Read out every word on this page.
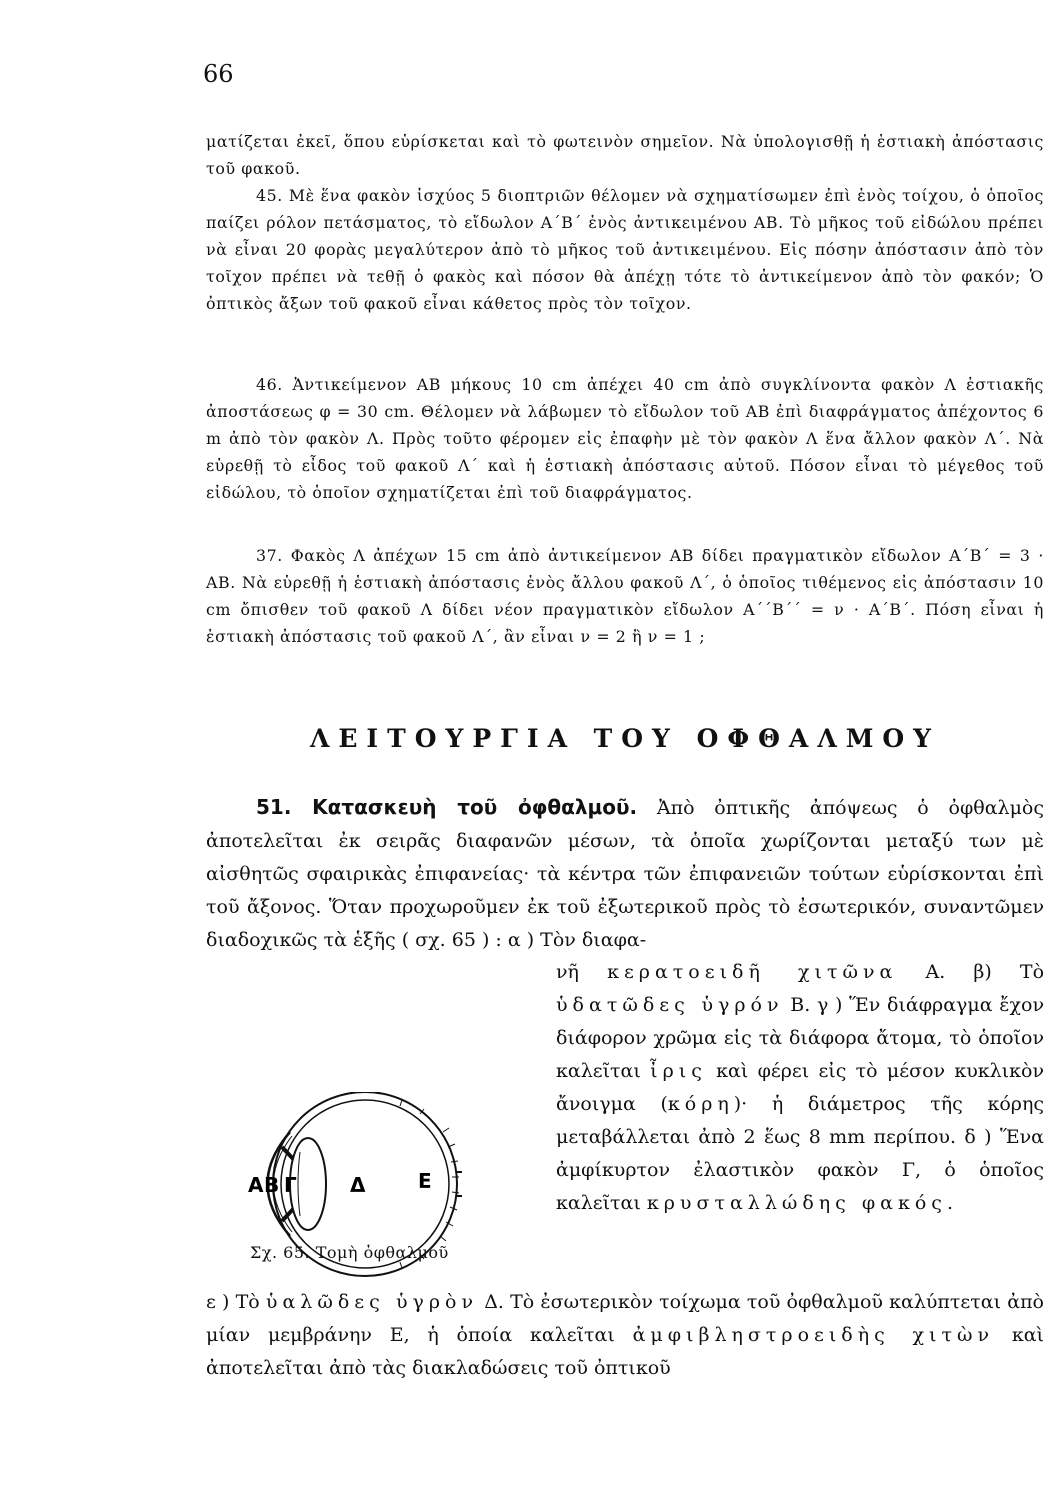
66

ματίζεται ἐκεῖ, ὅπου εὑρίσκεται καὶ τὸ φωτεινὸν σημεῖον. Νὰ ὑπολογισθῇ ἡ ἑστιακὴ ἀπόστασις τοῦ φακοῦ.

45. Μὲ ἕνα φακὸν ἰσχύος 5 διοπτριῶν θέλομεν νὰ σχηματίσωμεν ἐπὶ ἑνὸς τοίχου, ὁ ὁποῖος παίζει ρόλον πετάσματος, τὸ εἴδωλον Α΄Β΄ ἑνὸς ἀντικειμένου ΑΒ. Τὸ μῆκος τοῦ εἰδώλου πρέπει νὰ εἶναι 20 φορὰς μεγαλύτερον ἀπὸ τὸ μῆκος τοῦ ἀντικειμένου. Εἰς πόσην ἀπόστασιν ἀπὸ τὸν τοῖχον πρέπει νὰ τεθῇ ὁ φακὸς καὶ πόσον θὰ ἀπέχῃ τότε τὸ ἀντικείμενον ἀπὸ τὸν φακόν; Ὁ ὀπτικὸς ἄξων τοῦ φακοῦ εἶναι κάθετος πρὸς τὸν τοῖχον.

46. Ἀντικείμενον ΑΒ μήκους 10 cm ἀπέχει 40 cm ἀπὸ συγκλίνοντα φακὸν Λ ἑστιακῆς ἀποστάσεως φ = 30 cm. Θέλομεν νὰ λάβωμεν τὸ εἴδωλον τοῦ ΑΒ ἐπὶ διαφράγματος ἀπέχοντος 6 m ἀπὸ τὸν φακὸν Λ. Πρὸς τοῦτο φέρομεν εἰς ἐπαφὴν μὲ τὸν φακὸν Λ ἕνα ἄλλον φακὸν Λ΄. Νὰ εὑρεθῇ τὸ εἶδος τοῦ φακοῦ Λ΄ καὶ ἡ ἑστιακὴ ἀπόστασις αὐτοῦ. Πόσον εἶναι τὸ μέγεθος τοῦ εἰδώλου, τὸ ὁποῖον σχηματίζεται ἐπὶ τοῦ διαφράγματος.

37. Φακὸς Λ ἀπέχων 15 cm ἀπὸ ἀντικείμενον ΑΒ δίδει πραγματικὸν εἴδωλον Α΄Β΄ = 3 · ΑΒ. Νὰ εὑρεθῇ ἡ ἑστιακὴ ἀπόστασις ἑνὸς ἄλλου φακοῦ Λ΄, ὁ ὁποῖος τιθέμενος εἰς ἀπόστασιν 10 cm ὄπισθεν τοῦ φακοῦ Λ δίδει νέον πραγματικὸν εἴδωλον Α΄΄Β΄΄ = ν · Α΄Β΄. Πόση εἶναι ἡ ἑστιακὴ ἀπόστασις τοῦ φακοῦ Λ΄, ἂν εἶναι ν = 2 ἢ ν = 1 ;

ΛΕΙΤΟΥΡΓΙΑ ΤΟΥ ΟΦΘΑΛΜΟΥ

51. Κατασκευὴ τοῦ ὀφθαλμοῦ. Ἀπὸ ὀπτικῆς ἀπόψεως ὁ ὀφθαλμὸς ἀποτελεῖται ἐκ σειρᾶς διαφανῶν μέσων, τὰ ὁποῖα χωρίζονται μεταξύ των μὲ αἰσθητῶς σφαιρικὰς ἐπιφανείας· τὰ κέντρα τῶν ἐπιφανειῶν τούτων εὑρίσκονται ἐπὶ τοῦ ἄξονος. Ὅταν προχωροῦμεν ἐκ τοῦ ἐξωτερικοῦ πρὸς τὸ ἐσωτερικόν, συναντῶμεν διαδοχικῶς τὰ ἑξῆς ( σχ. 65 ) : α ) Τὸν διαφα-

νῆ κερατοειδῆ χιτῶνα Α. β) Τὸ ὑδατῶδες ὑγρόν Β. γ ) Ἕν διάφραγμα ἔχον διάφορον χρῶμα εἰς τὰ διάφορα ἄτομα, τὸ ὁποῖον καλεῖται ἶρις καὶ φέρει εἰς τὸ μέσον κυκλικὸν ἄνοιγμα (κόρη)· ἡ διάμετρος τῆς κόρης μεταβάλλεται ἀπὸ 2 ἕως 8 mm περίπου. δ ) Ἕνα ἀμφίκυρτον ἐλαστικὸν φακὸν Γ, ὁ ὁποῖος καλεῖται κρυσταλλώδης φακός.

ε ) Τὸ ὑαλῶδες ὑγρὸν Δ. Τὸ ἐσωτερικὸν τοίχωμα τοῦ ὀφθαλμοῦ καλύπτεται ἀπὸ μίαν μεμβράνην Ε, ἡ ὁποία καλεῖται ἀμφιβληστροειδὴς χιτὼν καὶ ἀποτελεῖται ἀπὸ τὰς διακλαδώσεις τοῦ ὀπτικοῦ

Α Β Γ	Δ	Ε
Σχ. 65. Τομὴ ὀφθαλμοῦ
